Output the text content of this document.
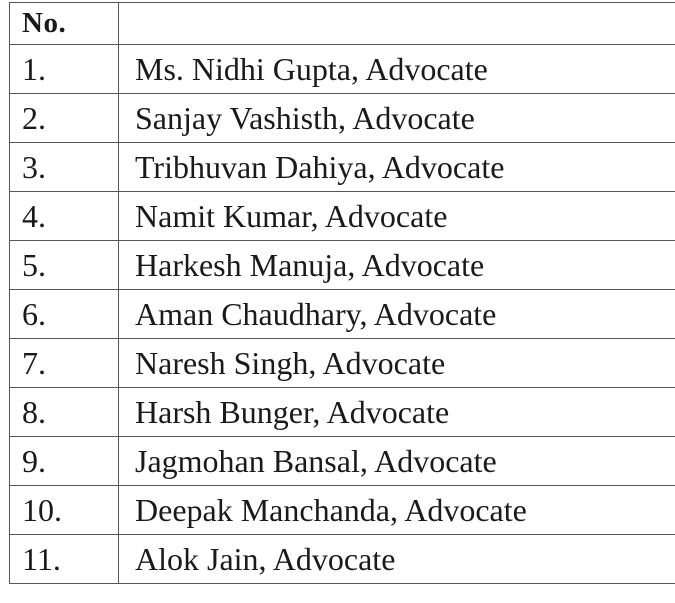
No.	
1.	Ms. Nidhi Gupta, Advocate
2.	Sanjay Vashisth, Advocate
3.	Tribhuvan Dahiya, Advocate
4.	Namit Kumar, Advocate
5.	Harkesh Manuja, Advocate
6.	Aman Chaudhary, Advocate
7.	Naresh Singh, Advocate
8.	Harsh Bunger, Advocate
9.	Jagmohan Bansal, Advocate
10.	Deepak Manchanda, Advocate
11.	Alok Jain, Advocate
